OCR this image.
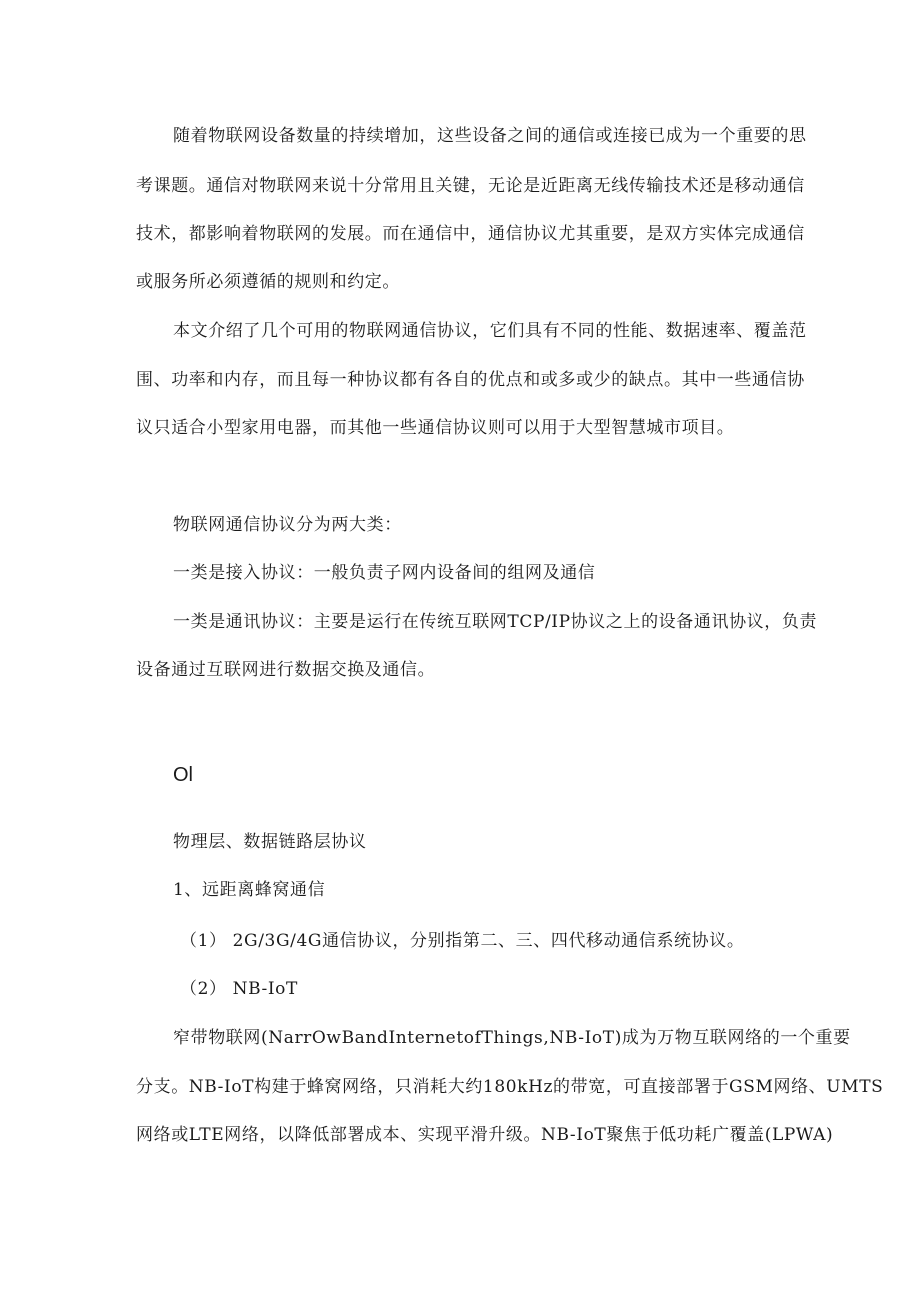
随着物联网设备数量的持续增加，这些设备之间的通信或连接已成为一个重要的思

考课题。通信对物联网来说十分常用且关键，无论是近距离无线传输技术还是移动通信

技术，都影响着物联网的发展。而在通信中，通信协议尤其重要，是双方实体完成通信

或服务所必须遵循的规则和约定。

本文介绍了几个可用的物联网通信协议，它们具有不同的性能、数据速率、覆盖范

围、功率和内存，而且每一种协议都有各自的优点和或多或少的缺点。其中一些通信协

议只适合小型家用电器，而其他一些通信协议则可以用于大型智慧城市项目。

物联网通信协议分为两大类：

一类是接入协议：一般负责子网内设备间的组网及通信

一类是通讯协议：主要是运行在传统互联网TCP/IP协议之上的设备通讯协议，负责

设备通过互联网进行数据交换及通信。

Ol

物理层、数据链路层协议

1、远距离蜂窝通信

（1） 2G/3G/4G通信协议，分别指第二、三、四代移动通信系统协议。

（2） NB-IoT

窄带物联网(NarrOwBandInternetofThings,NB-IoT)成为万物互联网络的一个重要

分支。NB-IoT构建于蜂窝网络，只消耗大约180kHz的带宽，可直接部署于GSM网络、UMTS

网络或LTE网络，以降低部署成本、实现平滑升级。NB-IoT聚焦于低功耗广覆盖(LPWA)
